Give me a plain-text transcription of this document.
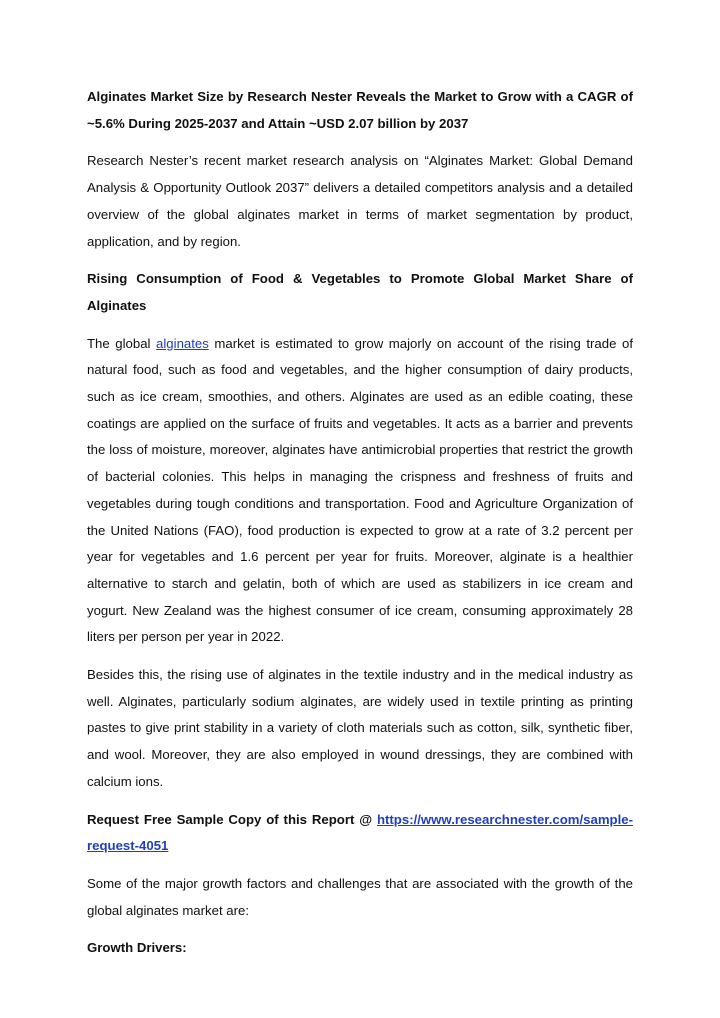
Alginates Market Size by Research Nester Reveals the Market to Grow with a CAGR of ~5.6% During 2025-2037 and Attain ~USD 2.07 billion by 2037

Research Nester’s recent market research analysis on “Alginates Market: Global Demand Analysis & Opportunity Outlook 2037” delivers a detailed competitors analysis and a detailed overview of the global alginates market in terms of market segmentation by product, application, and by region.

Rising Consumption of Food & Vegetables to Promote Global Market Share of Alginates

The global alginates market is estimated to grow majorly on account of the rising trade of natural food, such as food and vegetables, and the higher consumption of dairy products, such as ice cream, smoothies, and others. Alginates are used as an edible coating, these coatings are applied on the surface of fruits and vegetables. It acts as a barrier and prevents the loss of moisture, moreover, alginates have antimicrobial properties that restrict the growth of bacterial colonies. This helps in managing the crispness and freshness of fruits and vegetables during tough conditions and transportation. Food and Agriculture Organization of the United Nations (FAO), food production is expected to grow at a rate of 3.2 percent per year for vegetables and 1.6 percent per year for fruits. Moreover, alginate is a healthier alternative to starch and gelatin, both of which are used as stabilizers in ice cream and yogurt. New Zealand was the highest consumer of ice cream, consuming approximately 28 liters per person per year in 2022.

Besides this, the rising use of alginates in the textile industry and in the medical industry as well. Alginates, particularly sodium alginates, are widely used in textile printing as printing pastes to give print stability in a variety of cloth materials such as cotton, silk, synthetic fiber, and wool. Moreover, they are also employed in wound dressings, they are combined with calcium ions.

Request Free Sample Copy of this Report @ https://www.researchnester.com/sample-request-4051

Some of the major growth factors and challenges that are associated with the growth of the global alginates market are:

Growth Drivers:
